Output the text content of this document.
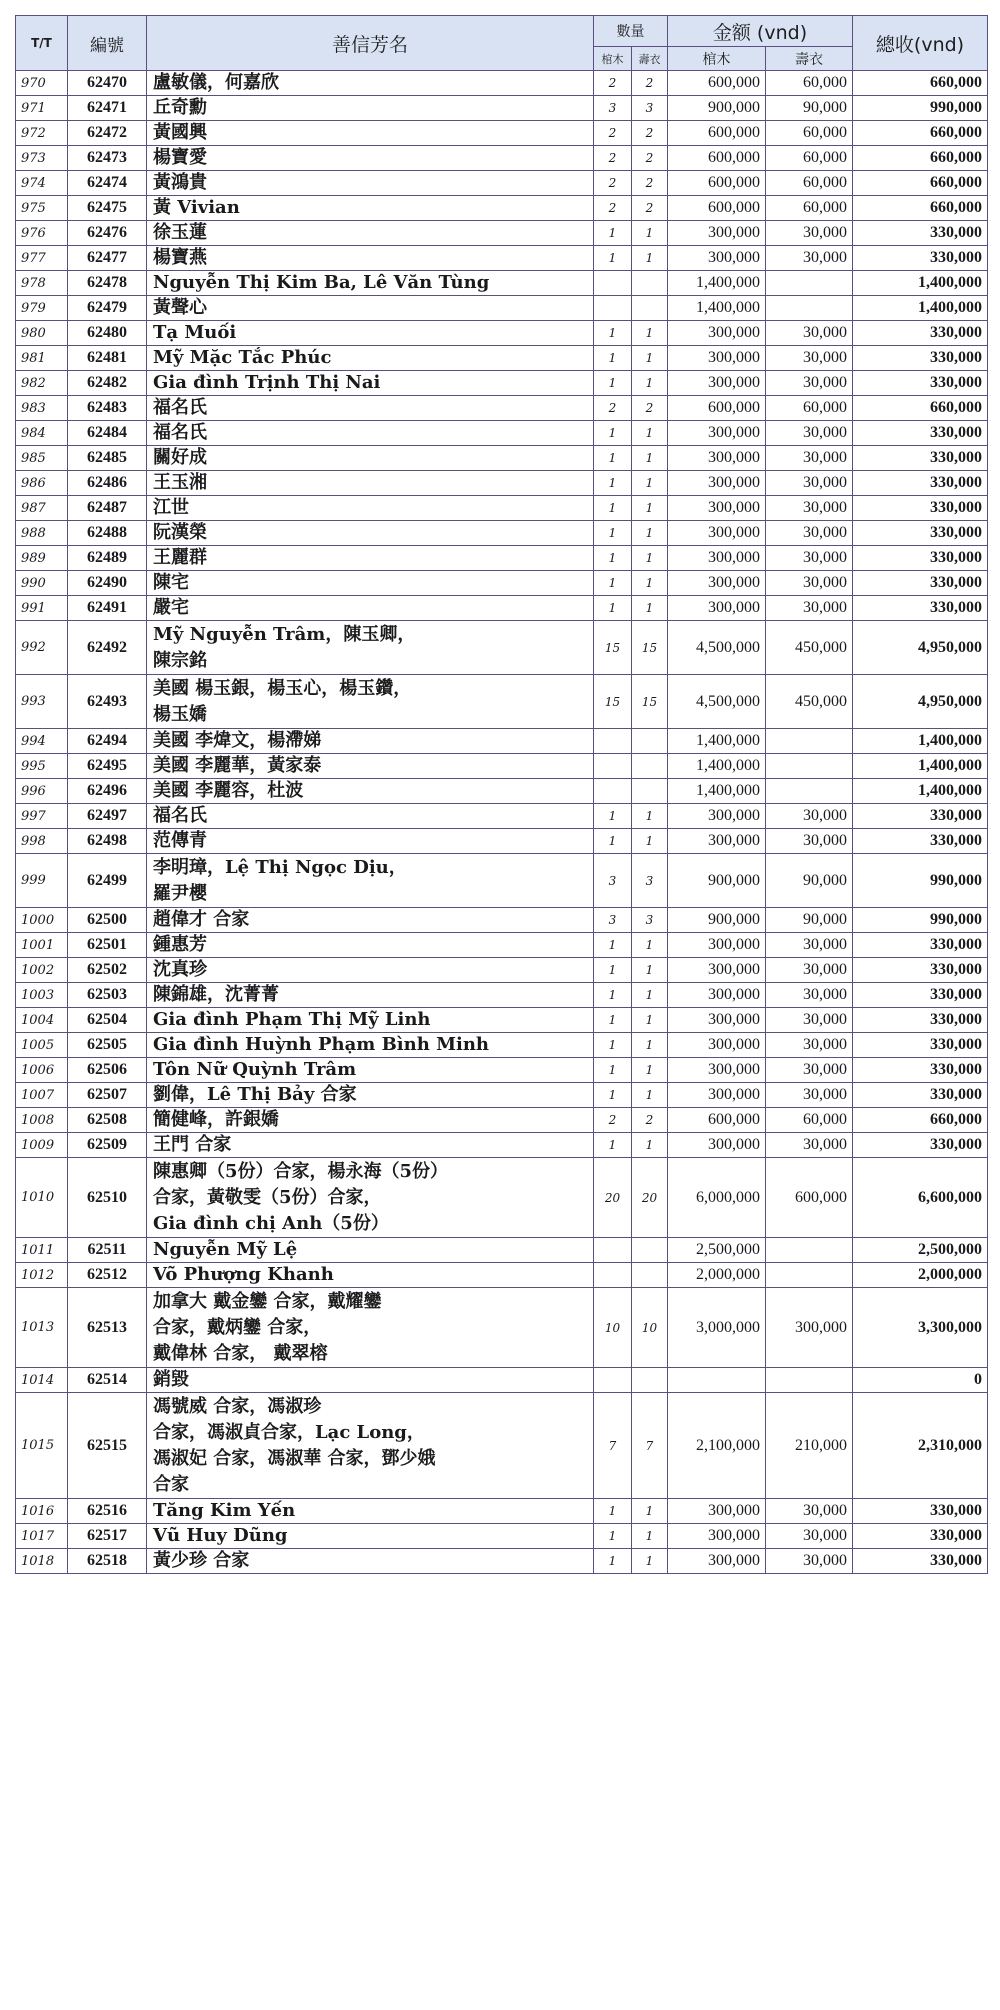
T/T	編號	善信芳名	數量		金额 (vnd)		總收(vnd)
			棺木	壽衣	棺木	壽衣	
970	62470	盧敏儀，何嘉欣	2	2	600,000	60,000	660,000
971	62471	丘奇勳	3	3	900,000	90,000	990,000
972	62472	黃國興	2	2	600,000	60,000	660,000
973	62473	楊寶愛	2	2	600,000	60,000	660,000
974	62474	黃鴻貴	2	2	600,000	60,000	660,000
975	62475	黃 Vivian	2	2	600,000	60,000	660,000
976	62476	徐玉蓮	1	1	300,000	30,000	330,000
977	62477	楊寶燕	1	1	300,000	30,000	330,000
978	62478	Nguyễn Thị Kim Ba, Lê Văn Tùng			1,400,000		1,400,000
979	62479	黃聲心			1,400,000		1,400,000
980	62480	Tạ Muối	1	1	300,000	30,000	330,000
981	62481	Mỹ Mặc Tắc Phúc	1	1	300,000	30,000	330,000
982	62482	Gia đình Trịnh Thị Nai	1	1	300,000	30,000	330,000
983	62483	福名氏	2	2	600,000	60,000	660,000
984	62484	福名氏	1	1	300,000	30,000	330,000
985	62485	關好成	1	1	300,000	30,000	330,000
986	62486	王玉湘	1	1	300,000	30,000	330,000
987	62487	江世	1	1	300,000	30,000	330,000
988	62488	阮漢榮	1	1	300,000	30,000	330,000
989	62489	王麗群	1	1	300,000	30,000	330,000
990	62490	陳宅	1	1	300,000	30,000	330,000
991	62491	嚴宅	1	1	300,000	30,000	330,000
992	62492	Mỹ Nguyễn Trâm，陳玉卿，
陳宗銘	15	15	4,500,000	450,000	4,950,000
993	62493	美國 楊玉銀，楊玉心，楊玉鑽，
楊玉嬌	15	15	4,500,000	450,000	4,950,000
994	62494	美國 李煒文，楊滯娣			1,400,000		1,400,000
995	62495	美國 李麗華，黃家泰			1,400,000		1,400,000
996	62496	美國 李麗容，杜波			1,400,000		1,400,000
997	62497	福名氏	1	1	300,000	30,000	330,000
998	62498	范傳青	1	1	300,000	30,000	330,000
999	62499	李明璋，Lệ Thị Ngọc Dịu，
羅尹櫻	3	3	900,000	90,000	990,000
1000	62500	趙偉才 合家	3	3	900,000	90,000	990,000
1001	62501	鍾惠芳	1	1	300,000	30,000	330,000
1002	62502	沈真珍	1	1	300,000	30,000	330,000
1003	62503	陳錦雄，沈菁菁	1	1	300,000	30,000	330,000
1004	62504	Gia đình Phạm Thị Mỹ Linh	1	1	300,000	30,000	330,000
1005	62505	Gia đình Huỳnh Phạm Bình Minh	1	1	300,000	30,000	330,000
1006	62506	Tôn Nữ Quỳnh Trâm	1	1	300,000	30,000	330,000
1007	62507	劉偉，Lê Thị Bảy 合家	1	1	300,000	30,000	330,000
1008	62508	簡健峰，許銀嬌	2	2	600,000	60,000	660,000
1009	62509	王門 合家	1	1	300,000	30,000	330,000
1010	62510	陳惠卿（5份）合家，楊永海（5份）
合家，黃敬雯（5份）合家，
Gia đình chị Anh（5份）	20	20	6,000,000	600,000	6,600,000
1011	62511	Nguyễn Mỹ Lệ			2,500,000		2,500,000
1012	62512	Võ Phượng Khanh			2,000,000		2,000,000
1013	62513	加拿大 戴金鑾 合家，戴耀鑾
合家，戴炳鑾 合家，
戴偉林 合家， 戴翠榕	10	10	3,000,000	300,000	3,300,000
1014	62514	銷毀					0
1015	62515	馮號威 合家，馮淑珍
合家，馮淑貞合家，Lạc Long，
馮淑妃 合家，馮淑華 合家，鄧少娥
合家	7	7	2,100,000	210,000	2,310,000
1016	62516	Tăng Kim Yến	1	1	300,000	30,000	330,000
1017	62517	Vũ Huy Dũng	1	1	300,000	30,000	330,000
1018	62518	黃少珍 合家	1	1	300,000	30,000	330,000
